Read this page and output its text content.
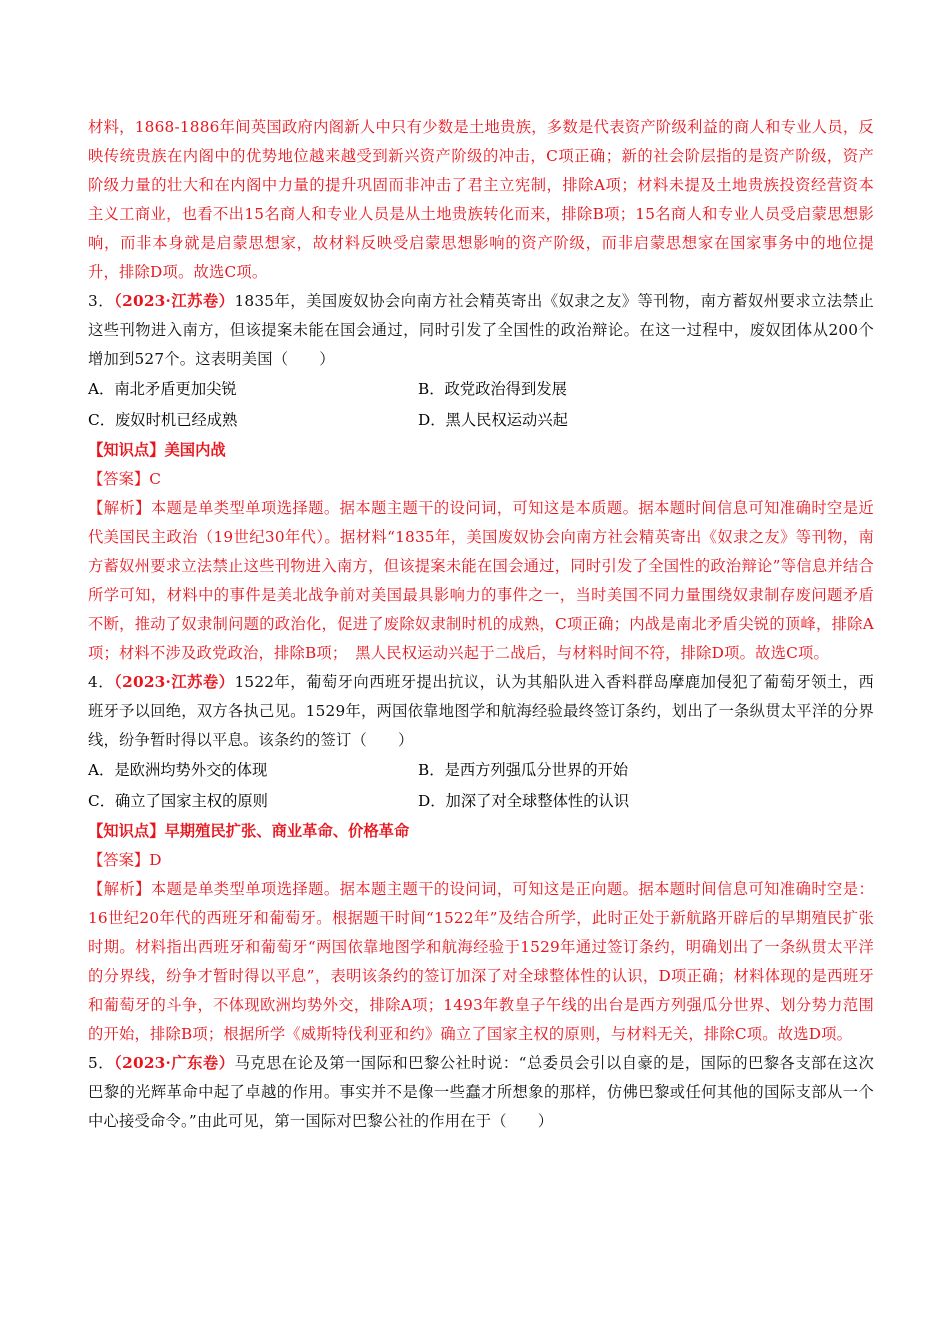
材料，1868-1886年间英国政府内阁新人中只有少数是土地贵族，多数是代表资产阶级利益的商人和专业人员，反映传统贵族在内阁中的优势地位越来越受到新兴资产阶级的冲击，C项正确；新的社会阶层指的是资产阶级，资产阶级力量的壮大和在内阁中力量的提升巩固而非冲击了君主立宪制，排除A项；材料未提及土地贵族投资经营资本主义工商业，也看不出15名商人和专业人员是从土地贵族转化而来，排除B项；15名商人和专业人员受启蒙思想影响，而非本身就是启蒙思想家，故材料反映受启蒙思想影响的资产阶级，而非启蒙思想家在国家事务中的地位提升，排除D项。故选C项。

3．（2023·江苏卷）1835年，美国废奴协会向南方社会精英寄出《奴隶之友》等刊物，南方蓄奴州要求立法禁止这些刊物进入南方，但该提案未能在国会通过，同时引发了全国性的政治辩论。在这一过程中，废奴团体从200个增加到527个。这表明美国（　　）

A．南北矛盾更加尖锐	B．政党政治得到发展
C．废奴时机已经成熟	D．黑人民权运动兴起

【知识点】美国内战

【答案】C

【解析】本题是单类型单项选择题。据本题主题干的设问词，可知这是本质题。据本题时间信息可知准确时空是近代美国民主政治（19世纪30年代）。据材料“1835年，美国废奴协会向南方社会精英寄出《奴隶之友》等刊物，南方蓄奴州要求立法禁止这些刊物进入南方，但该提案未能在国会通过，同时引发了全国性的政治辩论”等信息并结合所学可知，材料中的事件是美北战争前对美国最具影响力的事件之一，当时美国不同力量围绕奴隶制存废问题矛盾不断，推动了奴隶制问题的政治化，促进了废除奴隶制时机的成熟，C项正确；内战是南北矛盾尖锐的顶峰，排除A项；材料不涉及政党政治，排除B项；　黑人民权运动兴起于二战后，与材料时间不符，排除D项。故选C项。

4．（2023·江苏卷）1522年，葡萄牙向西班牙提出抗议，认为其船队进入香料群岛摩鹿加侵犯了葡萄牙领土，西班牙予以回绝，双方各执己见。1529年，两国依靠地图学和航海经验最终签订条约，划出了一条纵贯太平洋的分界线，纷争暂时得以平息。该条约的签订（　　）

A．是欧洲均势外交的体现	B．是西方列强瓜分世界的开始
C．确立了国家主权的原则	D．加深了对全球整体性的认识

【知识点】早期殖民扩张、商业革命、价格革命

【答案】D

【解析】本题是单类型单项选择题。据本题主题干的设问词，可知这是正向题。据本题时间信息可知准确时空是：16世纪20年代的西班牙和葡萄牙。根据题干时间“1522年”及结合所学，此时正处于新航路开辟后的早期殖民扩张时期。材料指出西班牙和葡萄牙“两国依靠地图学和航海经验于1529年通过签订条约，明确划出了一条纵贯太平洋的分界线，纷争才暂时得以平息”，表明该条约的签订加深了对全球整体性的认识，D项正确；材料体现的是西班牙和葡萄牙的斗争，不体现欧洲均势外交，排除A项；1493年教皇子午线的出台是西方列强瓜分世界、划分势力范围的开始，排除B项；根据所学《威斯特伐利亚和约》确立了国家主权的原则，与材料无关，排除C项。故选D项。

5．（2023·广东卷）马克思在论及第一国际和巴黎公社时说：“总委员会引以自豪的是，国际的巴黎各支部在这次巴黎的光辉革命中起了卓越的作用。事实并不是像一些蠢才所想象的那样，仿佛巴黎或任何其他的国际支部从一个中心接受命令。”由此可见，第一国际对巴黎公社的作用在于（　　）
